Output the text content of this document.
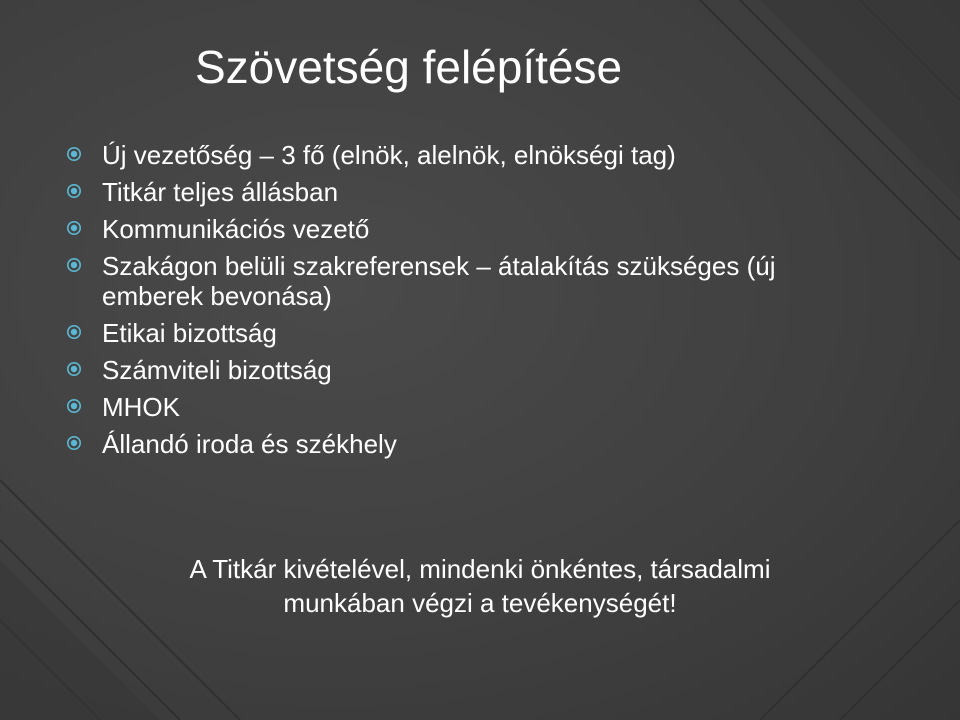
Szövetség felépítése
Új vezetőség – 3 fő (elnök, alelnök, elnökségi tag)
Titkár teljes állásban
Kommunikációs vezető
Szakágon belüli szakreferensek – átalakítás szükséges (új emberek bevonása)
Etikai bizottság
Számviteli bizottság
MHOK
Állandó iroda és székhely
A Titkár kivételével, mindenki önkéntes, társadalmi
munkában végzi a tevékenységét!
